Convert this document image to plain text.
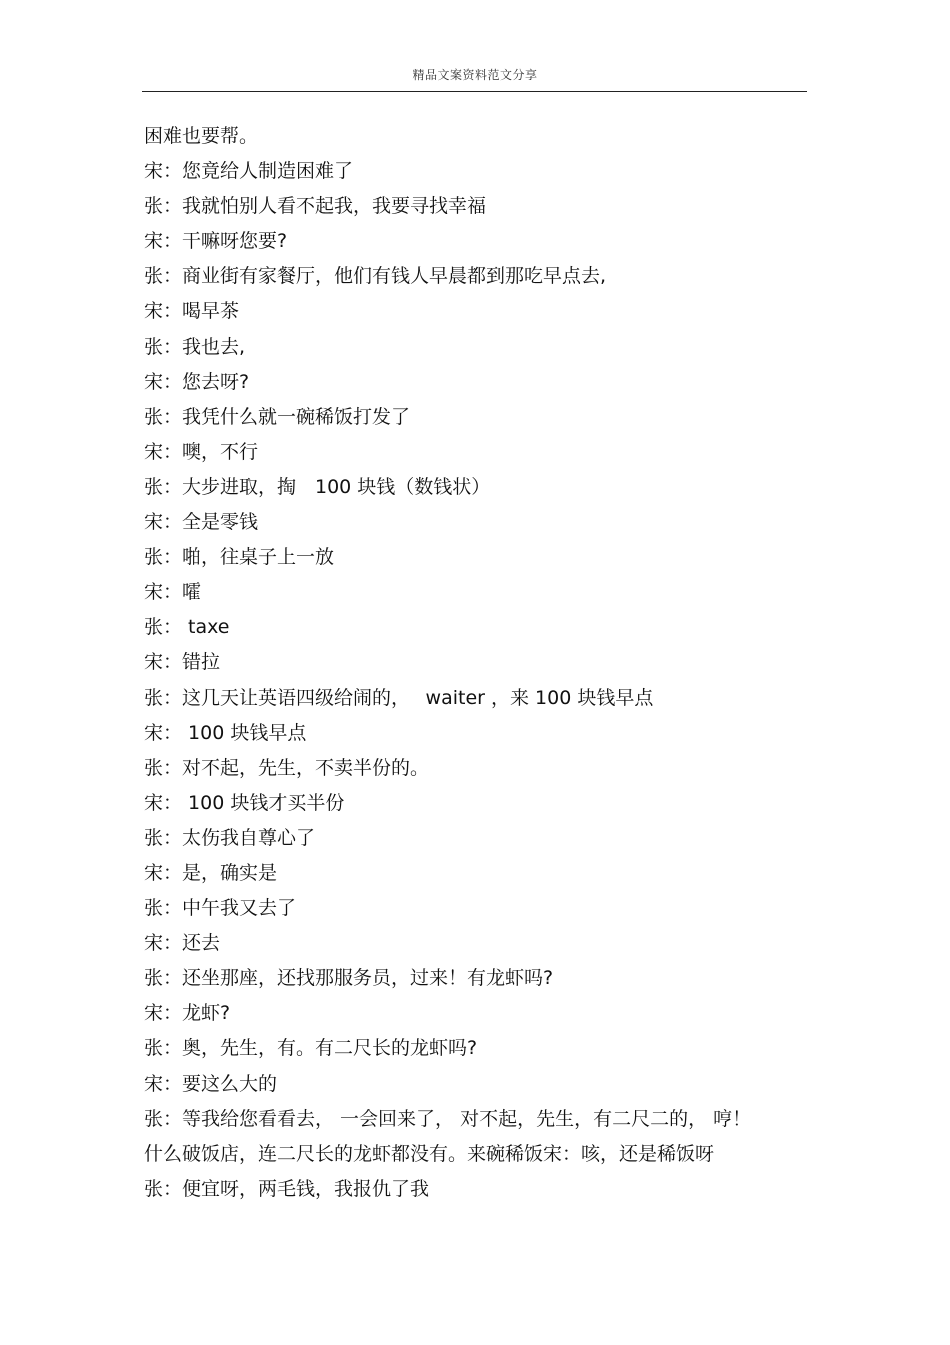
精品文案资料范文分享
困难也要帮。
宋：您竟给人制造困难了
张：我就怕别人看不起我，我要寻找幸福
宋：干嘛呀您要?
张：商业街有家餐厅，他们有钱人早晨都到那吃早点去,
宋：喝早茶
张：我也去,
宋：您去呀?
张：我凭什么就一碗稀饭打发了
宋：噢，不行
张：大步进取，掏　100 块钱（数钱状）
宋：全是零钱
张：啪，往桌子上一放
宋：嚯
张： taxe
宋：错拉
张：这几天让英语四级给闹的，　 waiter ，来 100 块钱早点
宋： 100 块钱早点
张：对不起，先生，不卖半份的。
宋： 100 块钱才买半份
张：太伤我自尊心了
宋：是，确实是
张：中午我又去了
宋：还去
张：还坐那座，还找那服务员，过来！有龙虾吗?
宋：龙虾?
张：奥，先生，有。有二尺长的龙虾吗?
宋：要这么大的
张：等我给您看看去， 一会回来了， 对不起，先生，有二尺二的， 哼！
什么破饭店，连二尺长的龙虾都没有。来碗稀饭宋：咳，还是稀饭呀
张：便宜呀，两毛钱，我报仇了我
